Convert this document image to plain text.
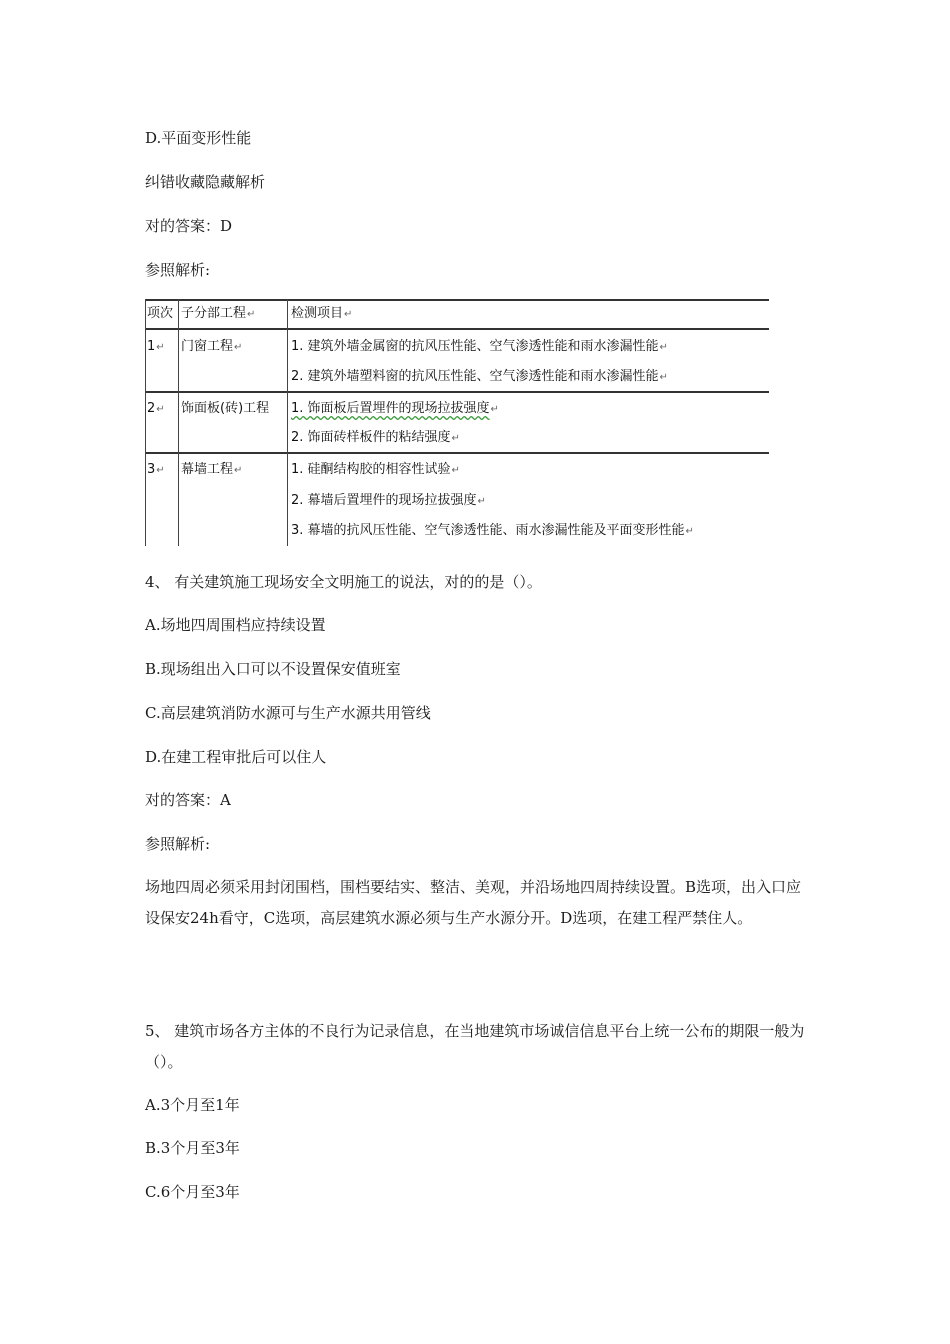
D.平面变形性能
纠错收藏隐藏解析
对的答案：D
参照解析:
项次 子分部工程↵	检测项目↵
1↵ 门窗工程↵	1. 建筑外墙金属窗的抗风压性能、空气渗透性能和雨水渗漏性能↵
2. 建筑外墙塑料窗的抗风压性能、空气渗透性能和雨水渗漏性能↵
2↵ 饰面板(砖)工程 1. 饰面板后置埋件的现场拉拔强度↵
2. 饰面砖样板件的粘结强度↵
3↵ 幕墙工程↵	1. 硅酮结构胶的相容性试验↵
2. 幕墙后置埋件的现场拉拔强度↵
3. 幕墙的抗风压性能、空气渗透性能、雨水渗漏性能及平面变形性能↵
4、 有关建筑施工现场安全文明施工的说法，对的的是（）。
A.场地四周围档应持续设置
B.现场组出入口可以不设置保安值班室
C.高层建筑消防水源可与生产水源共用管线
D.在建工程审批后可以住人
对的答案：A
参照解析:
场地四周必须采用封闭围档，围档要结实、整洁、美观，并沿场地四周持续设置。B选项，出入口应设保安24h看守，C选项，高层建筑水源必须与生产水源分开。D选项，在建工程严禁住人。
5、 建筑市场各方主体的不良行为记录信息，在当地建筑市场诚信信息平台上统一公布的期限一般为（）。
A.3个月至1年
B.3个月至3年
C.6个月至3年
